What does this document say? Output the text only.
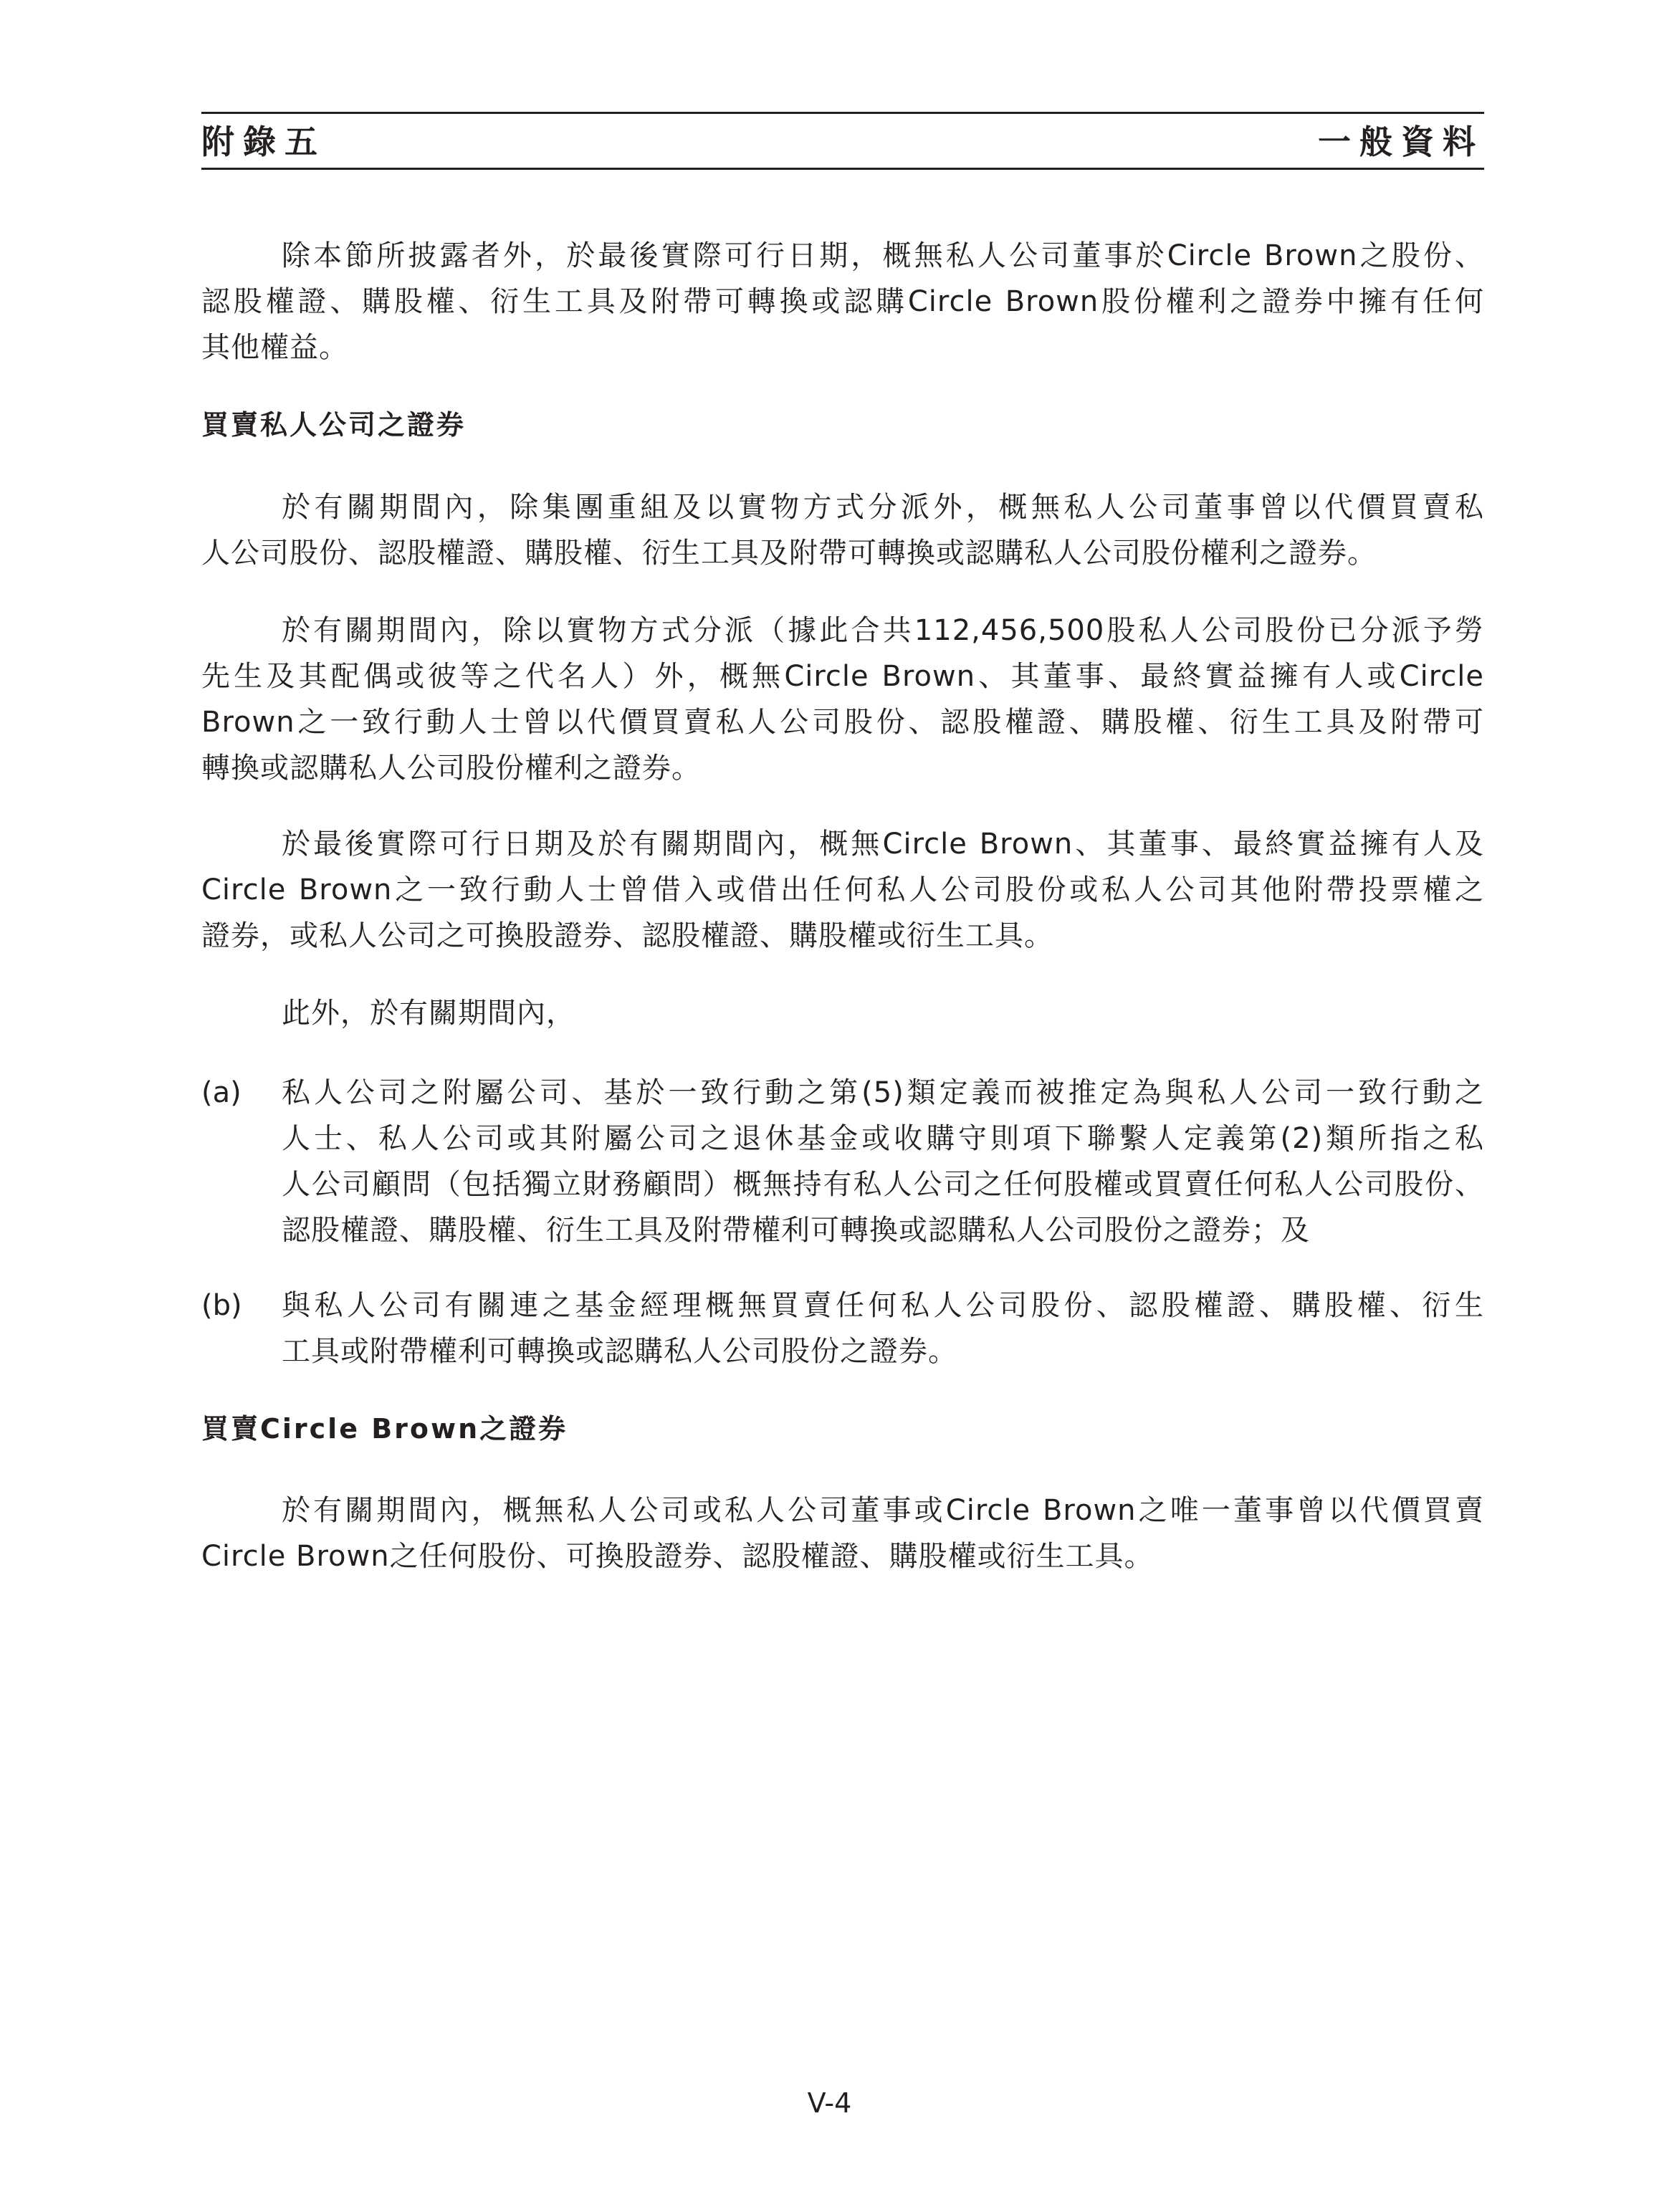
附錄五	一般資料
除本節所披露者外，於最後實際可行日期，概無私人公司董事於Circle Brown之股份、
認股權證、購股權、衍生工具及附帶可轉換或認購Circle Brown股份權利之證券中擁有任何
其他權益。
買賣私人公司之證券
於有關期間內，除集團重組及以實物方式分派外，概無私人公司董事曾以代價買賣私
人公司股份、認股權證、購股權、衍生工具及附帶可轉換或認購私人公司股份權利之證券。
於有關期間內，除以實物方式分派（據此合共112,456,500股私人公司股份已分派予勞
先生及其配偶或彼等之代名人）外，概無Circle Brown、其董事、最終實益擁有人或Circle
Brown之一致行動人士曾以代價買賣私人公司股份、認股權證、購股權、衍生工具及附帶可
轉換或認購私人公司股份權利之證券。
於最後實際可行日期及於有關期間內，概無Circle Brown、其董事、最終實益擁有人及
Circle Brown之一致行動人士曾借入或借出任何私人公司股份或私人公司其他附帶投票權之
證券，或私人公司之可換股證券、認股權證、購股權或衍生工具。
此外，於有關期間內，
(a) 私人公司之附屬公司、基於一致行動之第(5)類定義而被推定為與私人公司一致行動之
人士、私人公司或其附屬公司之退休基金或收購守則項下聯繫人定義第(2)類所指之私
人公司顧問（包括獨立財務顧問）概無持有私人公司之任何股權或買賣任何私人公司股份、
認股權證、購股權、衍生工具及附帶權利可轉換或認購私人公司股份之證券；及
(b) 與私人公司有關連之基金經理概無買賣任何私人公司股份、認股權證、購股權、衍生
工具或附帶權利可轉換或認購私人公司股份之證券。
買賣Circle Brown之證券
於有關期間內，概無私人公司或私人公司董事或Circle Brown之唯一董事曾以代價買賣
Circle Brown之任何股份、可換股證券、認股權證、購股權或衍生工具。
V-4
